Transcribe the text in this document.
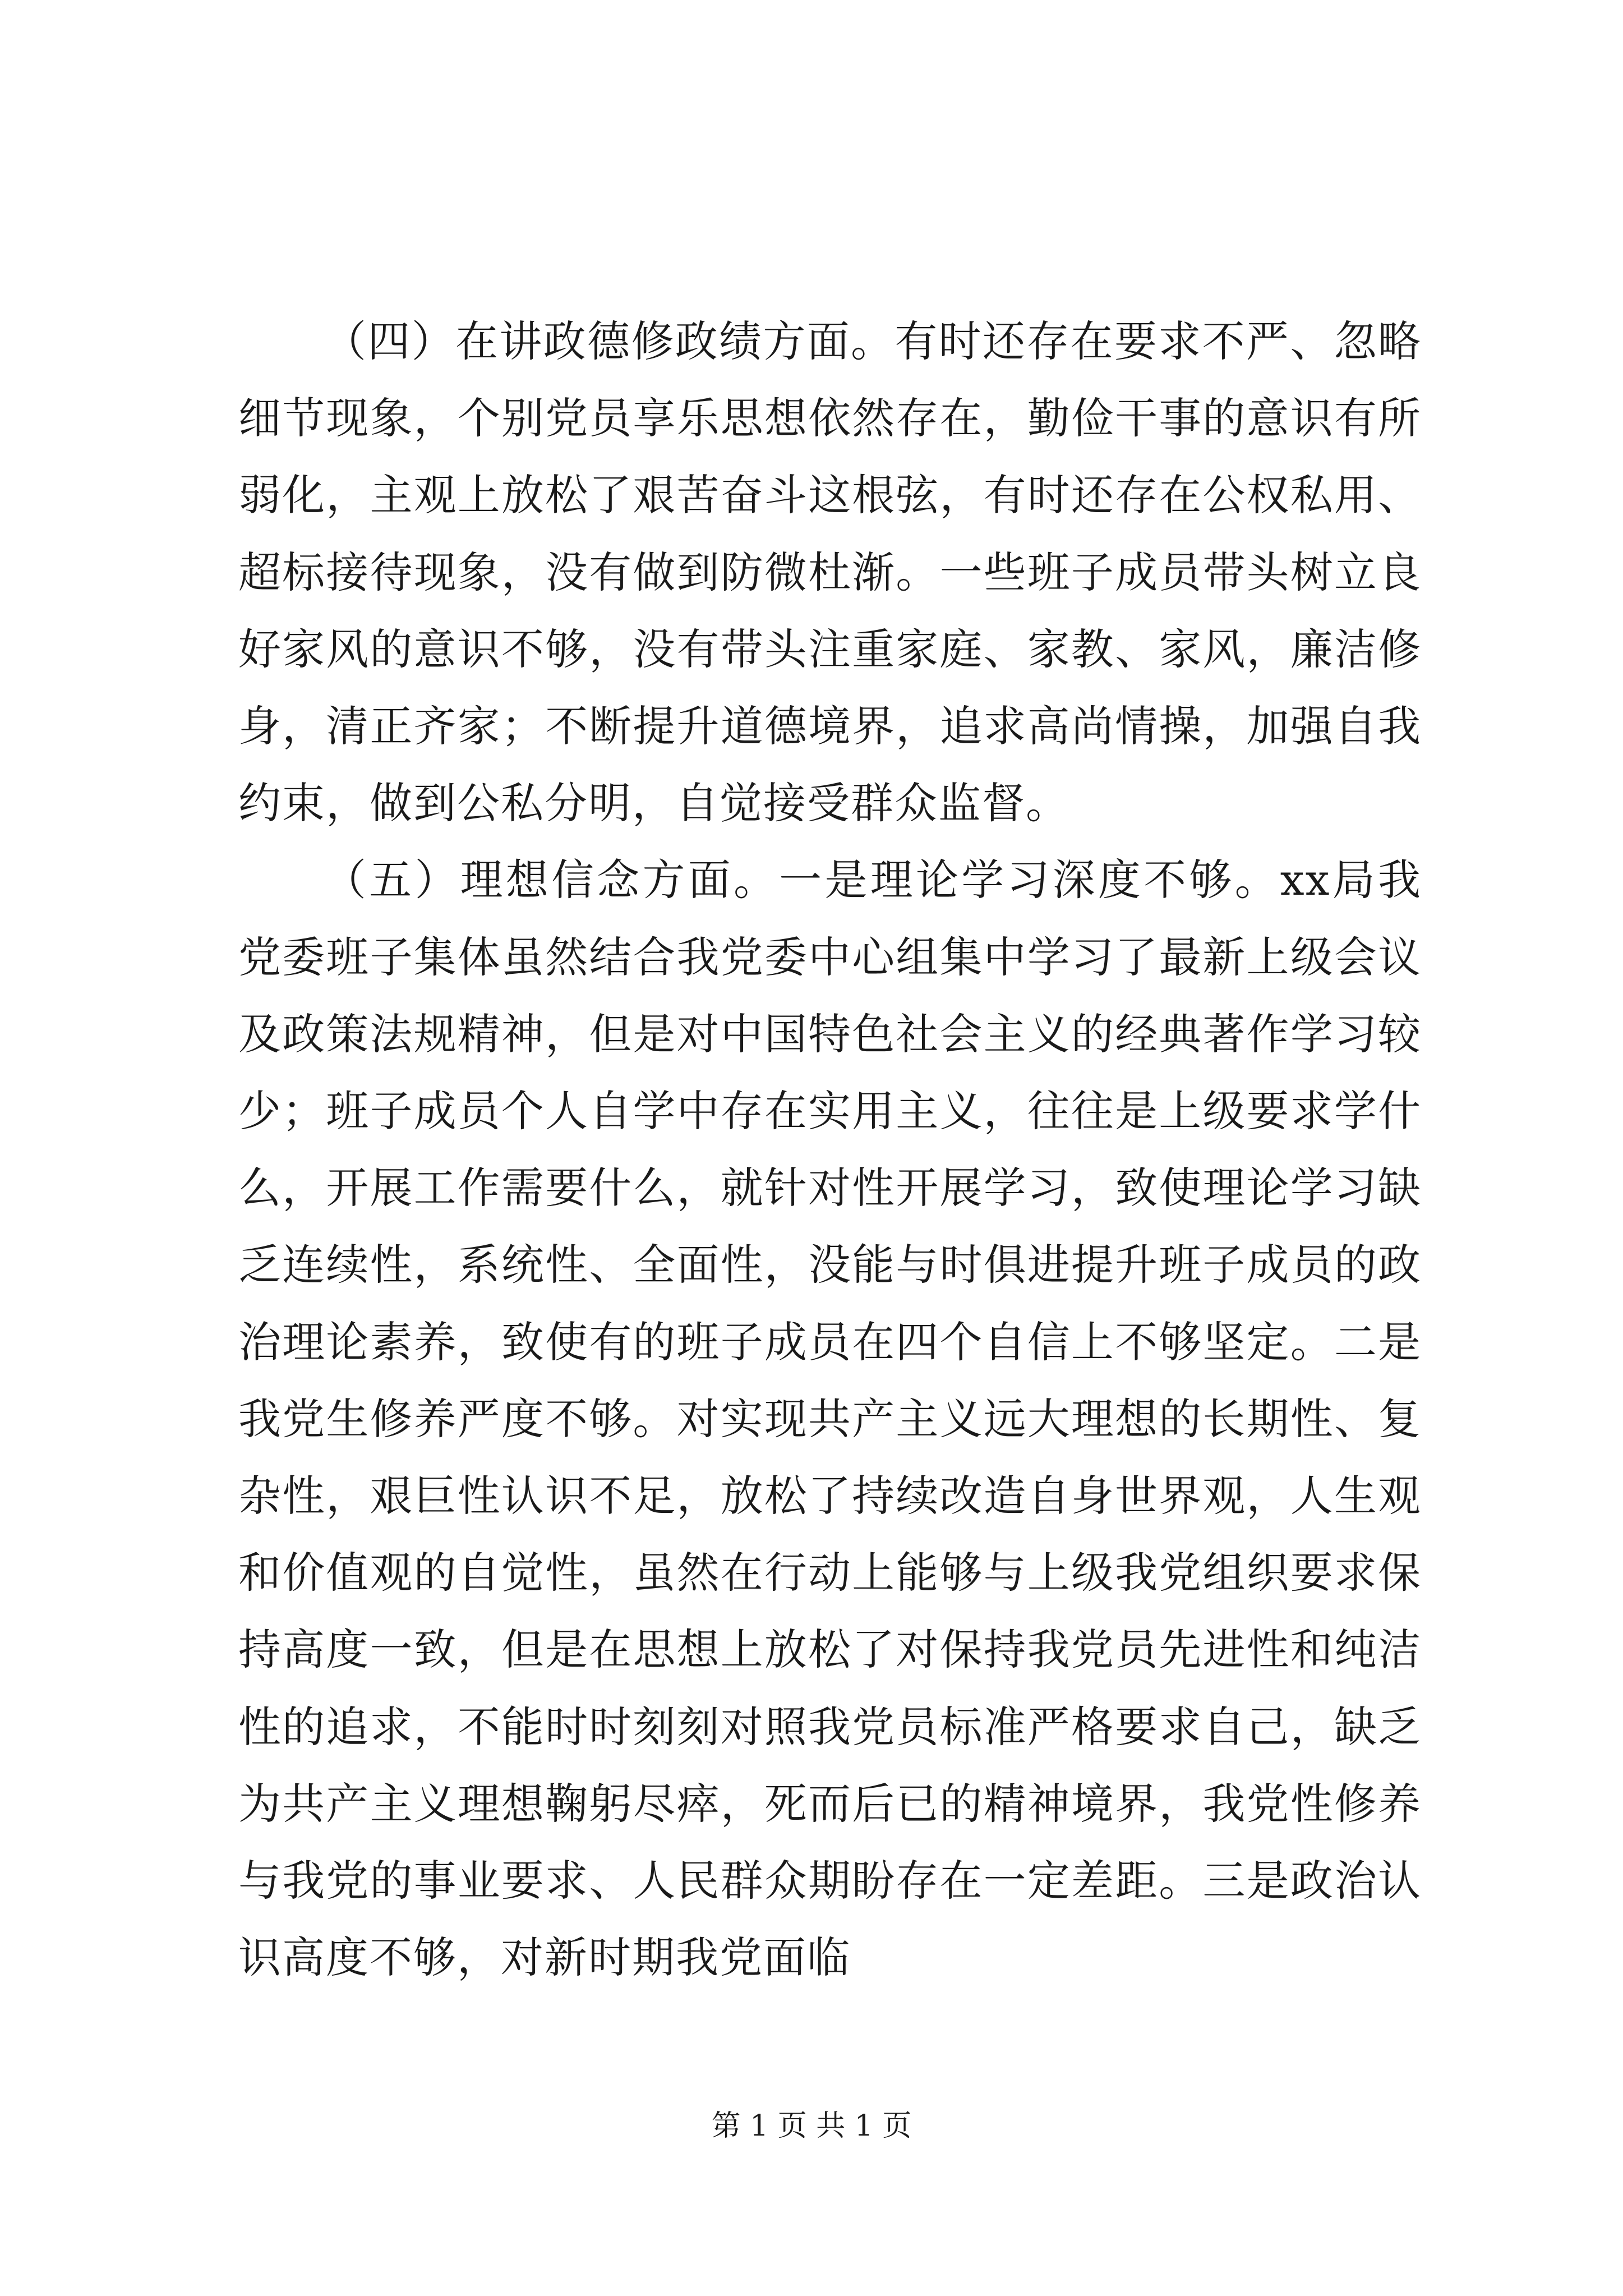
（四）在讲政德修政绩方面。有时还存在要求不严、忽略细节现象，个别党员享乐思想依然存在，勤俭干事的意识有所弱化，主观上放松了艰苦奋斗这根弦，有时还存在公权私用、超标接待现象，没有做到防微杜渐。一些班子成员带头树立良好家风的意识不够，没有带头注重家庭、家教、家风，廉洁修身，清正齐家；不断提升道德境界，追求高尚情操，加强自我约束，做到公私分明，自觉接受群众监督。

（五）理想信念方面。一是理论学习深度不够。xx局我党委班子集体虽然结合我党委中心组集中学习了最新上级会议及政策法规精神，但是对中国特色社会主义的经典著作学习较少；班子成员个人自学中存在实用主义，往往是上级要求学什么，开展工作需要什么，就针对性开展学习，致使理论学习缺乏连续性，系统性、全面性，没能与时俱进提升班子成员的政治理论素养，致使有的班子成员在四个自信上不够坚定。二是我党生修养严度不够。对实现共产主义远大理想的长期性、复杂性，艰巨性认识不足，放松了持续改造自身世界观，人生观和价值观的自觉性，虽然在行动上能够与上级我党组织要求保持高度一致，但是在思想上放松了对保持我党员先进性和纯洁性的追求，不能时时刻刻对照我党员标准严格要求自己，缺乏为共产主义理想鞠躬尽瘁，死而后已的精神境界，我党性修养与我党的事业要求、人民群众期盼存在一定差距。三是政治认识高度不够，对新时期我党面临

第 1 页 共 1 页
